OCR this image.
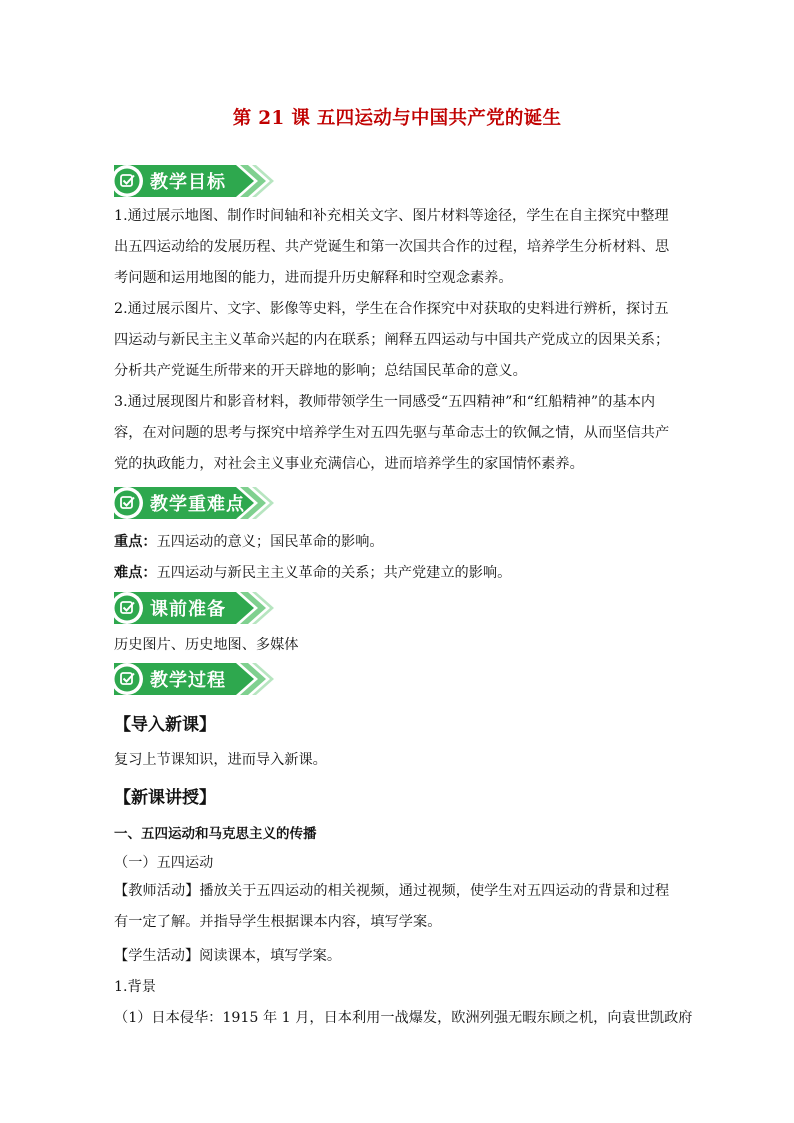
第 21 课 五四运动与中国共产党的诞生
教学目标
1.通过展示地图、制作时间轴和补充相关文字、图片材料等途径，学生在自主探究中整理出五四运动给的发展历程、共产党诞生和第一次国共合作的过程，培养学生分析材料、思考问题和运用地图的能力，进而提升历史解释和时空观念素养。
2.通过展示图片、文字、影像等史料，学生在合作探究中对获取的史料进行辨析，探讨五四运动与新民主主义革命兴起的内在联系；阐释五四运动与中国共产党成立的因果关系；分析共产党诞生所带来的开天辟地的影响；总结国民革命的意义。
3.通过展现图片和影音材料，教师带领学生一同感受“五四精神”和“红船精神”的基本内容，在对问题的思考与探究中培养学生对五四先驱与革命志士的钦佩之情，从而坚信共产党的执政能力，对社会主义事业充满信心，进而培养学生的家国情怀素养。
教学重难点
重点：五四运动的意义；国民革命的影响。
难点：五四运动与新民主主义革命的关系；共产党建立的影响。
课前准备
历史图片、历史地图、多媒体
教学过程
【导入新课】
复习上节课知识，进而导入新课。
【新课讲授】
一、五四运动和马克思主义的传播
（一）五四运动
【教师活动】播放关于五四运动的相关视频，通过视频，使学生对五四运动的背景和过程有一定了解。并指导学生根据课本内容，填写学案。
【学生活动】阅读课本，填写学案。
1.背景
（1）日本侵华：1915 年 1 月，日本利用一战爆发，欧洲列强无暇东顾之机，向袁世凯政府
